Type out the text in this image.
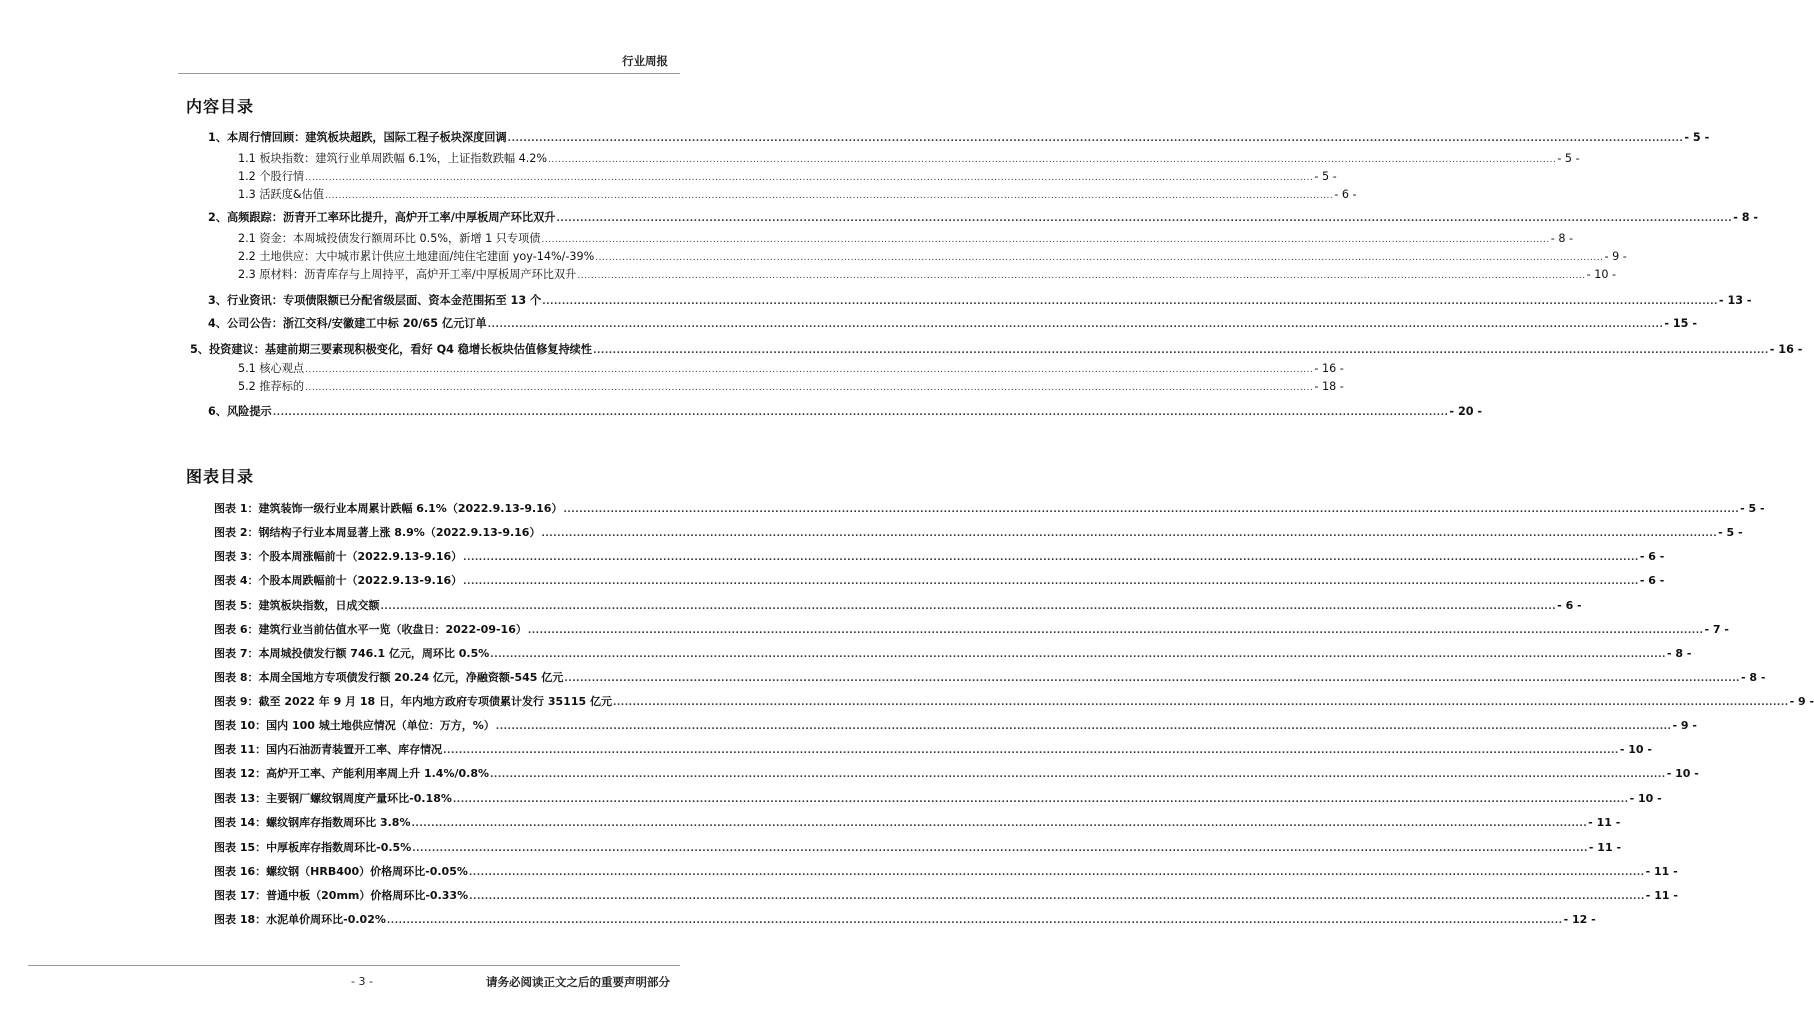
行业周报
内容目录
1、本周行情回顾：建筑板块超跌，国际工程子板块深度回调 ............................................................................................................................................................................................................................................................................................................ - 5 -
1.1 板块指数：建筑行业单周跌幅 6.1%，上证指数跌幅 4.2% ............................................................................................................................................................................................................................................................................................................ - 5 -
1.2 个股行情 ............................................................................................................................................................................................................................................................................................................ - 5 -
1.3 活跃度&估值 ............................................................................................................................................................................................................................................................................................................ - 6 -
2、高频跟踪：沥青开工率环比提升，高炉开工率/中厚板周产环比双升 ............................................................................................................................................................................................................................................................................................................ - 8 -
2.1 资金：本周城投债发行额周环比 0.5%，新增 1 只专项债 ............................................................................................................................................................................................................................................................................................................ - 8 -
2.2 土地供应：大中城市累计供应土地建面/纯住宅建面 yoy-14%/-39% ............................................................................................................................................................................................................................................................................................................ - 9 -
2.3 原材料：沥青库存与上周持平，高炉开工率/中厚板周产环比双升 ............................................................................................................................................................................................................................................................................................................ - 10 -
3、行业资讯：专项债限额已分配省级层面、资本金范围拓至 13 个 ............................................................................................................................................................................................................................................................................................................ - 13 -
4、公司公告：浙江交科/安徽建工中标 20/65 亿元订单 ............................................................................................................................................................................................................................................................................................................ - 15 -
5、投资建议：基建前期三要素现积极变化，看好 Q4 稳增长板块估值修复持续性 ............................................................................................................................................................................................................................................................................................................ - 16 -
5.1 核心观点 ............................................................................................................................................................................................................................................................................................................ - 16 -
5.2 推荐标的 ............................................................................................................................................................................................................................................................................................................ - 18 -
6、风险提示 ............................................................................................................................................................................................................................................................................................................ - 20 -
图表目录
图表 1：建筑装饰一级行业本周累计跌幅 6.1%（2022.9.13-9.16） ............................................................................................................................................................................................................................................................................................................ - 5 -
图表 2：钢结构子行业本周显著上涨 8.9%（2022.9.13-9.16） ............................................................................................................................................................................................................................................................................................................ - 5 -
图表 3：个股本周涨幅前十（2022.9.13-9.16） ............................................................................................................................................................................................................................................................................................................ - 6 -
图表 4：个股本周跌幅前十（2022.9.13-9.16） ............................................................................................................................................................................................................................................................................................................ - 6 -
图表 5：建筑板块指数，日成交额 ............................................................................................................................................................................................................................................................................................................ - 6 -
图表 6：建筑行业当前估值水平一览（收盘日：2022-09-16） ............................................................................................................................................................................................................................................................................................................ - 7 -
图表 7：本周城投债发行额 746.1 亿元，周环比 0.5% ............................................................................................................................................................................................................................................................................................................ - 8 -
图表 8：本周全国地方专项债发行额 20.24 亿元，净融资额-545 亿元 ............................................................................................................................................................................................................................................................................................................ - 8 -
图表 9：截至 2022 年 9 月 18 日，年内地方政府专项债累计发行 35115 亿元 ............................................................................................................................................................................................................................................................................................................ - 9 -
图表 10：国内 100 城土地供应情况（单位：万方，%） ............................................................................................................................................................................................................................................................................................................ - 9 -
图表 11：国内石油沥青装置开工率、库存情况 ............................................................................................................................................................................................................................................................................................................ - 10 -
图表 12：高炉开工率、产能利用率周上升 1.4%/0.8% ............................................................................................................................................................................................................................................................................................................ - 10 -
图表 13：主要钢厂螺纹钢周度产量环比-0.18% ............................................................................................................................................................................................................................................................................................................ - 10 -
图表 14：螺纹钢库存指数周环比 3.8% ............................................................................................................................................................................................................................................................................................................ - 11 -
图表 15：中厚板库存指数周环比-0.5% ............................................................................................................................................................................................................................................................................................................ - 11 -
图表 16：螺纹钢（HRB400）价格周环比-0.05% ............................................................................................................................................................................................................................................................................................................ - 11 -
图表 17：普通中板（20mm）价格周环比-0.33% ............................................................................................................................................................................................................................................................................................................ - 11 -
图表 18：水泥单价周环比-0.02% ............................................................................................................................................................................................................................................................................................................ - 12 -
- 3 -	请务必阅读正文之后的重要声明部分
